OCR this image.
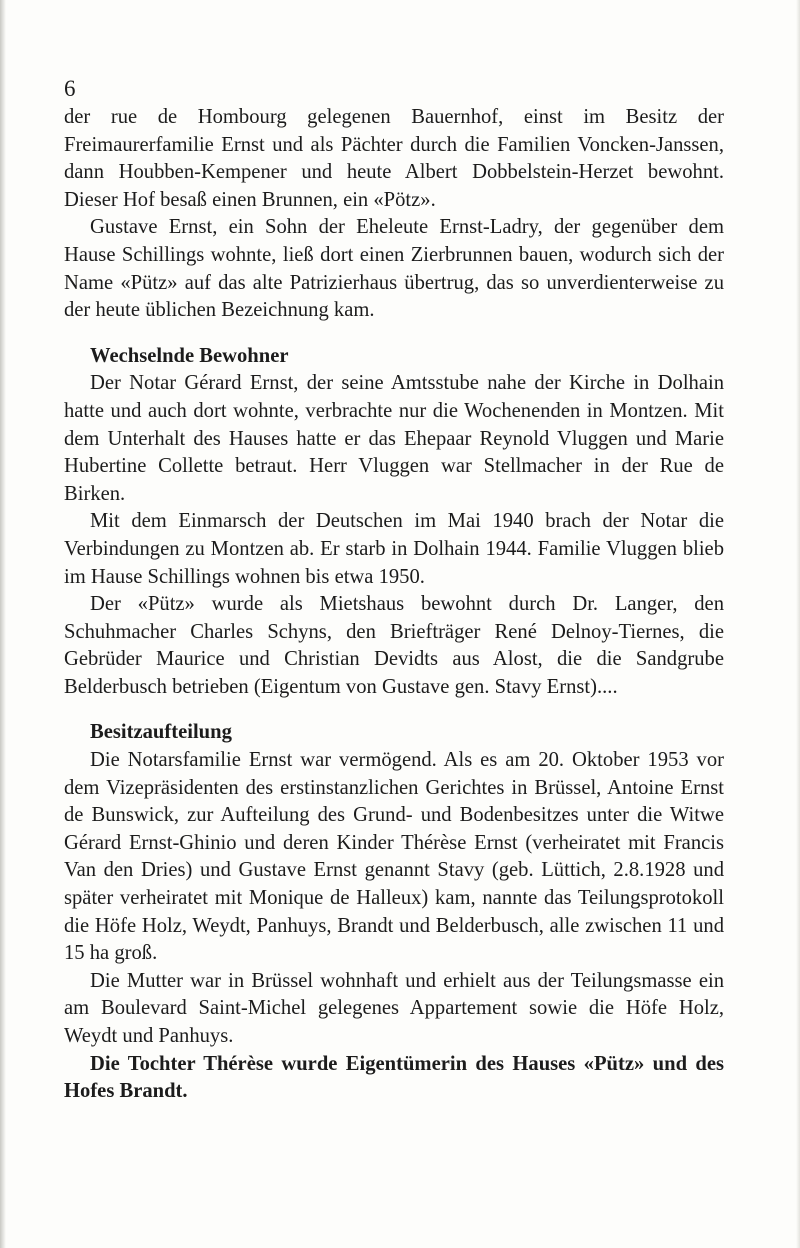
6

der rue de Hombourg gelegenen Bauernhof, einst im Besitz der Freimaurerfamilie Ernst und als Pächter durch die Familien Voncken-Janssen, dann Houbben-Kempener und heute Albert Dobbelstein-Herzet bewohnt. Dieser Hof besaß einen Brunnen, ein «Pötz».

Gustave Ernst, ein Sohn der Eheleute Ernst-Ladry, der gegenüber dem Hause Schillings wohnte, ließ dort einen Zierbrunnen bauen, wodurch sich der Name «Pütz» auf das alte Patrizierhaus übertrug, das so unverdienterweise zu der heute üblichen Bezeichnung kam.

Wechselnde Bewohner

Der Notar Gérard Ernst, der seine Amtsstube nahe der Kirche in Dolhain hatte und auch dort wohnte, verbrachte nur die Wochenenden in Montzen. Mit dem Unterhalt des Hauses hatte er das Ehepaar Reynold Vluggen und Marie Hubertine Collette betraut. Herr Vluggen war Stellmacher in der Rue de Birken.

Mit dem Einmarsch der Deutschen im Mai 1940 brach der Notar die Verbindungen zu Montzen ab. Er starb in Dolhain 1944. Familie Vluggen blieb im Hause Schillings wohnen bis etwa 1950.

Der «Pütz» wurde als Mietshaus bewohnt durch Dr. Langer, den Schuhmacher Charles Schyns, den Briefträger René Delnoy-Tiernes, die Gebrüder Maurice und Christian Devidts aus Alost, die die Sandgrube Belderbusch betrieben (Eigentum von Gustave gen. Stavy Ernst)....

Besitzaufteilung

Die Notarsfamilie Ernst war vermögend. Als es am 20. Oktober 1953 vor dem Vizepräsidenten des erstinstanzlichen Gerichtes in Brüssel, Antoine Ernst de Bunswick, zur Aufteilung des Grund- und Bodenbesitzes unter die Witwe Gérard Ernst-Ghinio und deren Kinder Thérèse Ernst (verheiratet mit Francis Van den Dries) und Gustave Ernst genannt Stavy (geb. Lüttich, 2.8.1928 und später verheiratet mit Monique de Halleux) kam, nannte das Teilungsprotokoll die Höfe Holz, Weydt, Panhuys, Brandt und Belderbusch, alle zwischen 11 und 15 ha groß.

Die Mutter war in Brüssel wohnhaft und erhielt aus der Teilungsmasse ein am Boulevard Saint-Michel gelegenes Appartement sowie die Höfe Holz, Weydt und Panhuys.

Die Tochter Thérèse wurde Eigentümerin des Hauses «Pütz» und des Hofes Brandt.
